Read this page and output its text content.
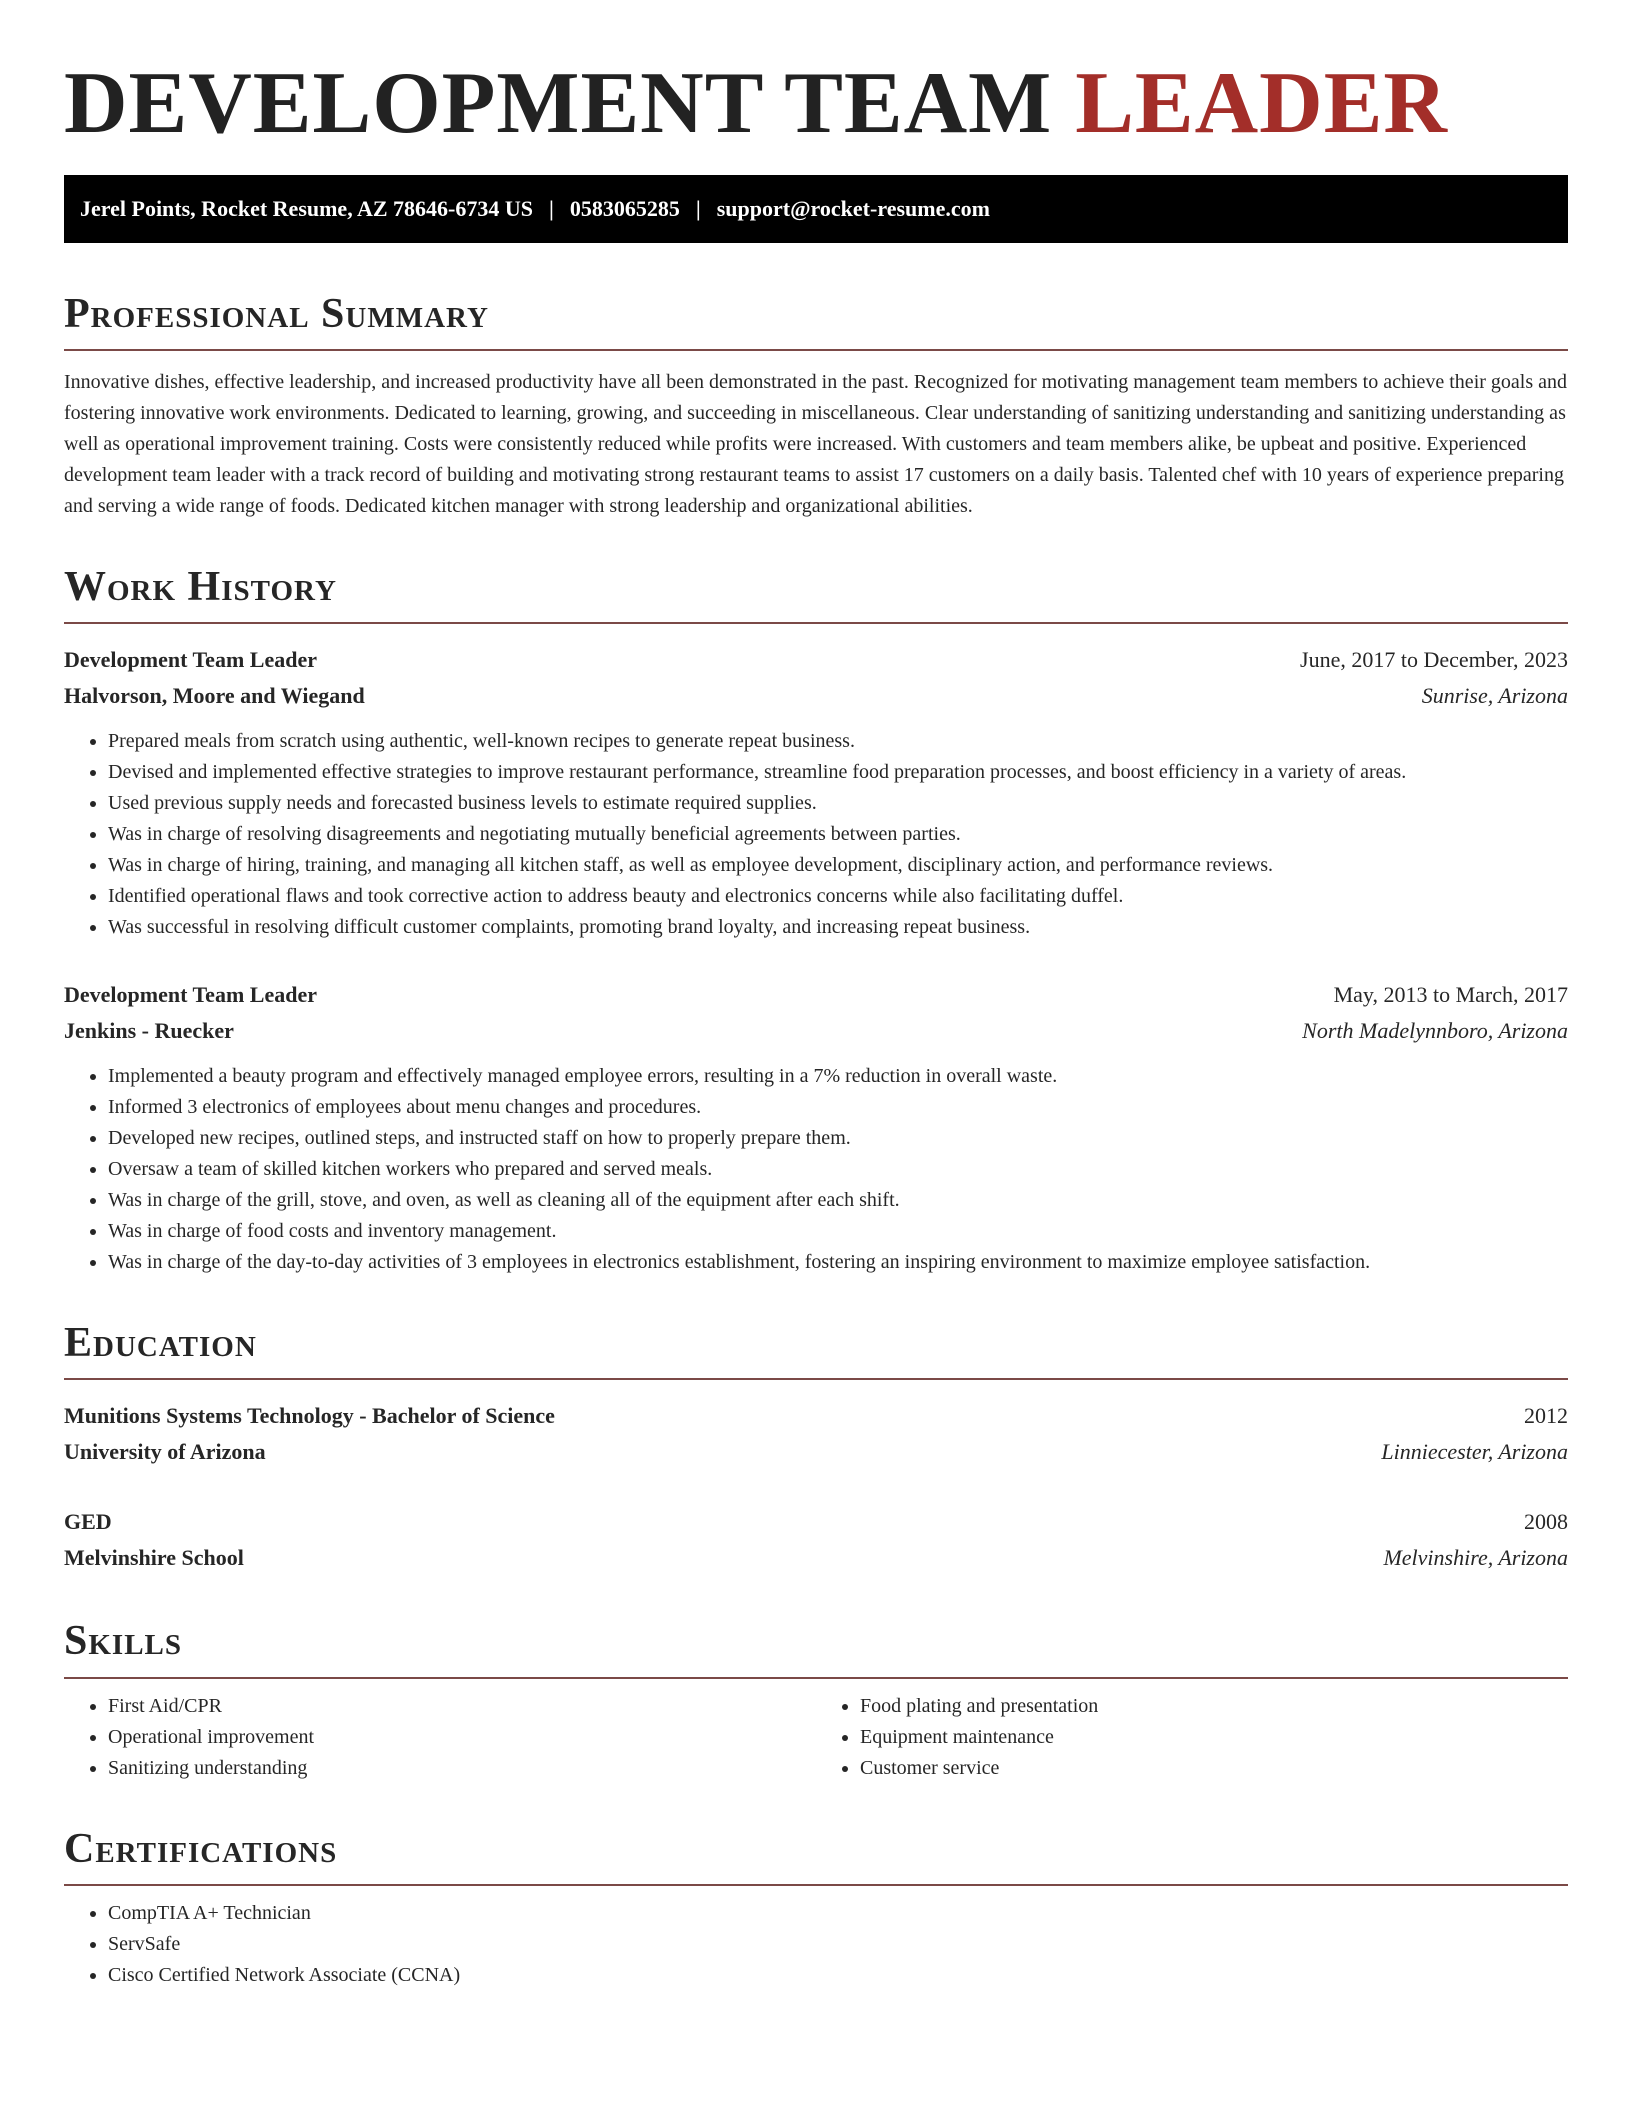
DEVELOPMENT TEAM LEADER
Jerel Points, Rocket Resume, AZ 78646-6734 US | 0583065285 | support@rocket-resume.com
Professional Summary

Innovative dishes, effective leadership, and increased productivity have all been demonstrated in the past. Recognized for motivating management team members to achieve their goals and fostering innovative work environments. Dedicated to learning, growing, and succeeding in miscellaneous. Clear understanding of sanitizing understanding and sanitizing understanding as well as operational improvement training. Costs were consistently reduced while profits were increased. With customers and team members alike, be upbeat and positive. Experienced development team leader with a track record of building and motivating strong restaurant teams to assist 17 customers on a daily basis. Talented chef with 10 years of experience preparing and serving a wide range of foods. Dedicated kitchen manager with strong leadership and organizational abilities.

Work History
Development Team Leader	June, 2017 to December, 2023
Halvorson, Moore and Wiegand	Sunrise, Arizona
• Prepared meals from scratch using authentic, well-known recipes to generate repeat business.
• Devised and implemented effective strategies to improve restaurant performance, streamline food preparation processes, and boost efficiency in a variety of areas.
• Used previous supply needs and forecasted business levels to estimate required supplies.
• Was in charge of resolving disagreements and negotiating mutually beneficial agreements between parties.
• Was in charge of hiring, training, and managing all kitchen staff, as well as employee development, disciplinary action, and performance reviews.
• Identified operational flaws and took corrective action to address beauty and electronics concerns while also facilitating duffel.
• Was successful in resolving difficult customer complaints, promoting brand loyalty, and increasing repeat business.
Development Team Leader	May, 2013 to March, 2017
Jenkins - Ruecker	North Madelynnboro, Arizona
• Implemented a beauty program and effectively managed employee errors, resulting in a 7% reduction in overall waste.
• Informed 3 electronics of employees about menu changes and procedures.
• Developed new recipes, outlined steps, and instructed staff on how to properly prepare them.
• Oversaw a team of skilled kitchen workers who prepared and served meals.
• Was in charge of the grill, stove, and oven, as well as cleaning all of the equipment after each shift.
• Was in charge of food costs and inventory management.
• Was in charge of the day-to-day activities of 3 employees in electronics establishment, fostering an inspiring environment to maximize employee satisfaction.
Education
Munitions Systems Technology - Bachelor of Science	2012
University of Arizona	Linniecester, Arizona
GED	2008
Melvinshire School	Melvinshire, Arizona
Skills
• First Aid/CPR
• Operational improvement
• Sanitizing understanding
• Food plating and presentation
• Equipment maintenance
• Customer service
Certifications
• CompTIA A+ Technician
• ServSafe
• Cisco Certified Network Associate (CCNA)
